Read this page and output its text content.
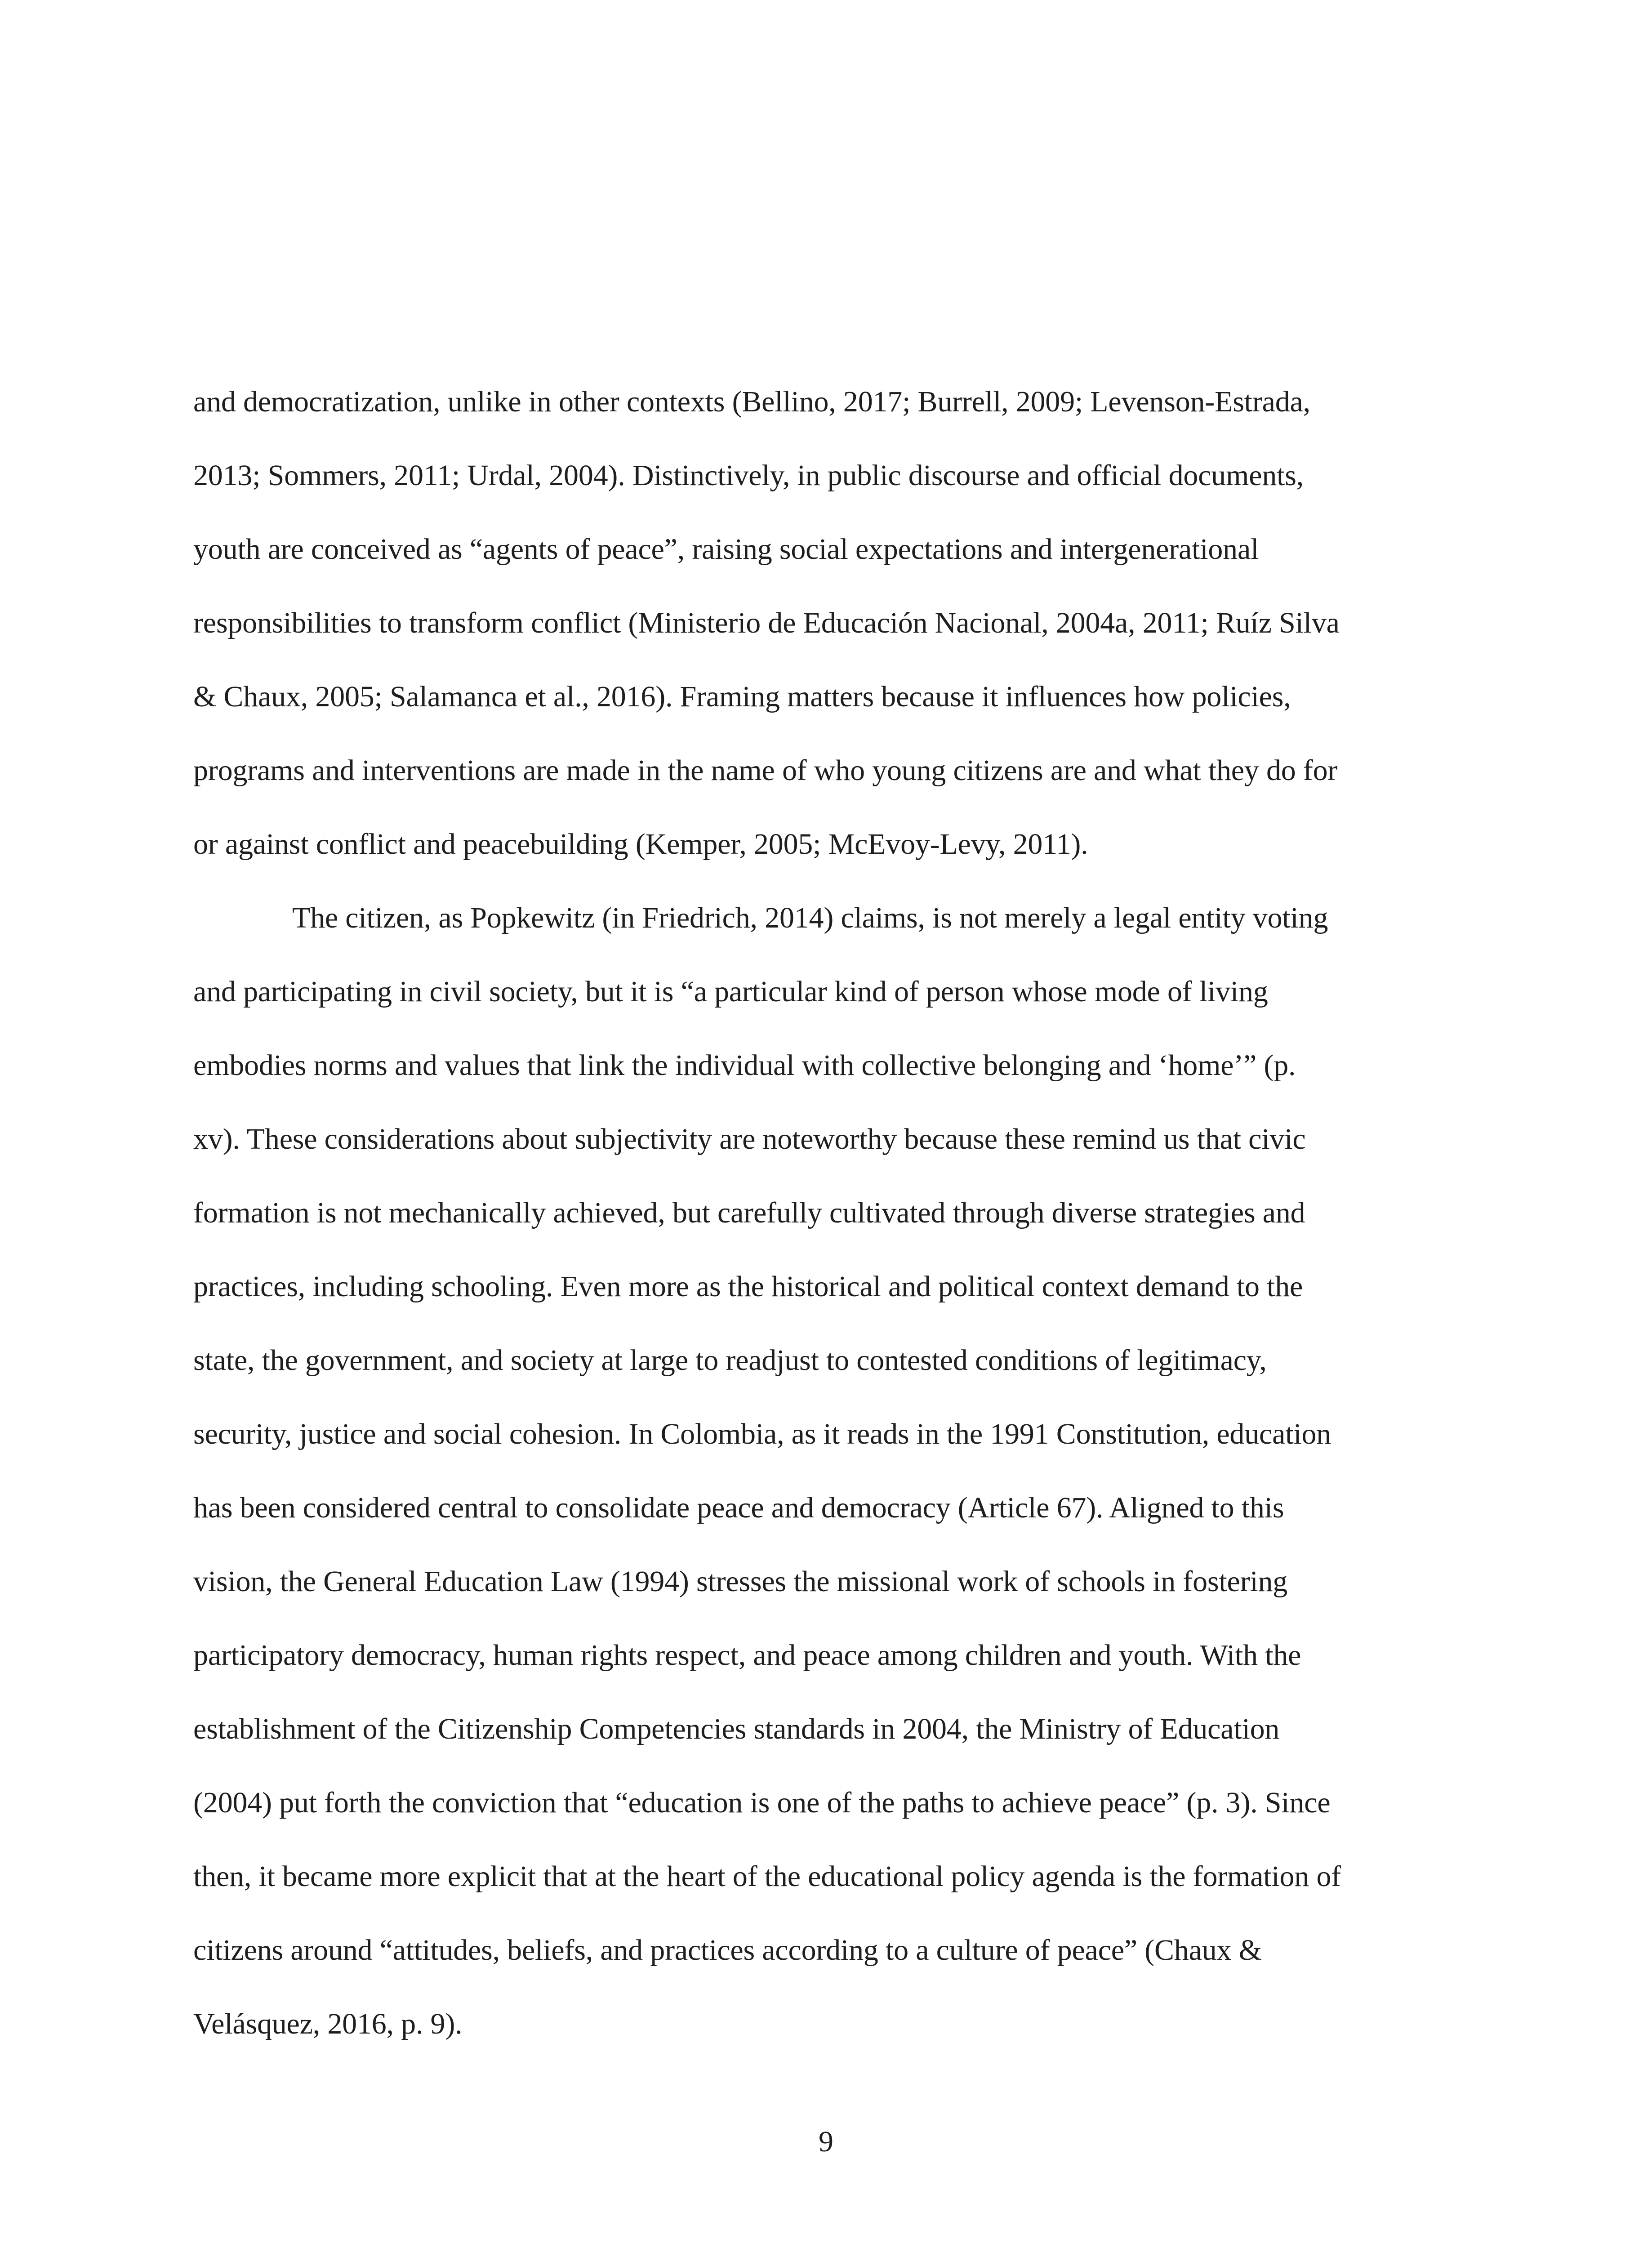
and democratization, unlike in other contexts (Bellino, 2017; Burrell, 2009; Levenson-Estrada,
2013; Sommers, 2011; Urdal, 2004). Distinctively, in public discourse and official documents,
youth are conceived as “agents of peace”, raising social expectations and intergenerational
responsibilities to transform conflict (Ministerio de Educación Nacional, 2004a, 2011; Ruíz Silva
& Chaux, 2005; Salamanca et al., 2016). Framing matters because it influences how policies,
programs and interventions are made in the name of who young citizens are and what they do for
or against conflict and peacebuilding (Kemper, 2005; McEvoy-Levy, 2011).
The citizen, as Popkewitz (in Friedrich, 2014) claims, is not merely a legal entity voting
and participating in civil society, but it is “a particular kind of person whose mode of living
embodies norms and values that link the individual with collective belonging and ‘home’” (p.
xv). These considerations about subjectivity are noteworthy because these remind us that civic
formation is not mechanically achieved, but carefully cultivated through diverse strategies and
practices, including schooling. Even more as the historical and political context demand to the
state, the government, and society at large to readjust to contested conditions of legitimacy,
security, justice and social cohesion. In Colombia, as it reads in the 1991 Constitution, education
has been considered central to consolidate peace and democracy (Article 67). Aligned to this
vision, the General Education Law (1994) stresses the missional work of schools in fostering
participatory democracy, human rights respect, and peace among children and youth. With the
establishment of the Citizenship Competencies standards in 2004, the Ministry of Education
(2004) put forth the conviction that “education is one of the paths to achieve peace” (p. 3). Since
then, it became more explicit that at the heart of the educational policy agenda is the formation of
citizens around “attitudes, beliefs, and practices according to a culture of peace” (Chaux &
Velásquez, 2016, p. 9).
9
